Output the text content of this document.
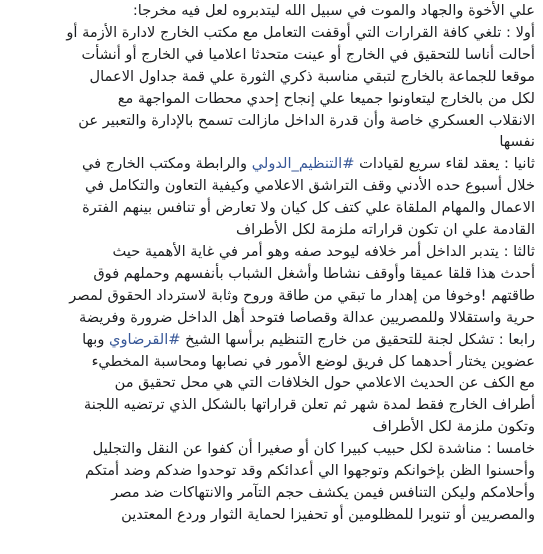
علي الأخوة والجهاد والموت في سبيل الله ليتدبروه لعل فيه مخرجا:
أولا : تلغي كافة القرارات التي أوقفت التعامل مع مكتب الخارج لادارة الأزمة أو
أحالت أناسا للتحقيق في الخارج أو عينت متحدثا اعلاميا في الخارج أو أنشأت
موقعا للجماعة بالخارج لتبقي مناسبة ذكري الثورة علي قمة جداول الاعمال
لكل من بالخارج ليتعاونوا جميعا علي إنجاح إحدي محطات المواجهة مع
الانقلاب العسكري خاصة وأن قدرة الداخل مازالت تسمح بالإدارة والتعبير عن
نفسها
ثانيا : يعقد لقاء سريع لقيادات #التنظيم_الدولي والرابطة ومكتب الخارج في
خلال أسبوع حده الأدني وقف التراشق الاعلامي وكيفية التعاون والتكامل في
الاعمال والمهام الملقاة علي كتف كل كيان ولا تعارض أو تنافس بينهم الفترة
القادمة علي ان تكون قراراته ملزمة لكل الأطراف
ثالثا : يتدبر الداخل أمر خلافه ليوحد صفه وهو أمر في غاية الأهمية حيث
أحدث هذا قلقا عميقا وأوقف نشاطا وأشغل الشباب بأنفسهم وحملهم فوق
طاقتهم !وخوفا من إهدار ما تبقي من طاقة وروح وثابة لاسترداد الحقوق لمصر
حرية واستقلالا وللمصريين عدالة وقصاصا فتوحد أهل الداخل ضرورة وفريضة
رابعا : تشكل لجنة للتحقيق من خارج التنظيم برأسها الشيخ #القرضاوي وبها
عضوين يختار أحدهما كل فريق لوضع الأمور في نصابها ومحاسبة المخطيء
مع الكف عن الحديث الاعلامي حول الخلافات التي هي محل تحقيق من
أطراف الخارج فقط لمدة شهر ثم تعلن قراراتها بالشكل الذي ترتضيه اللجنة
وتكون ملزمة لكل الأطراف
خامسا : مناشدة لكل حبيب كبيرا كان أو صغيرا أن كفوا عن النقل والتجليل
وأحسنوا الظن بإخوانكم وتوجهوا الي أعدائكم وقد توحدوا ضدكم وضد أمتكم
وأحلامكم وليكن التنافس فيمن يكشف حجم التآمر والانتهاكات ضد مصر
والمصريين أو تنويرا للمظلومين أو تحفيزا لحماية الثوار وردع المعتدين
